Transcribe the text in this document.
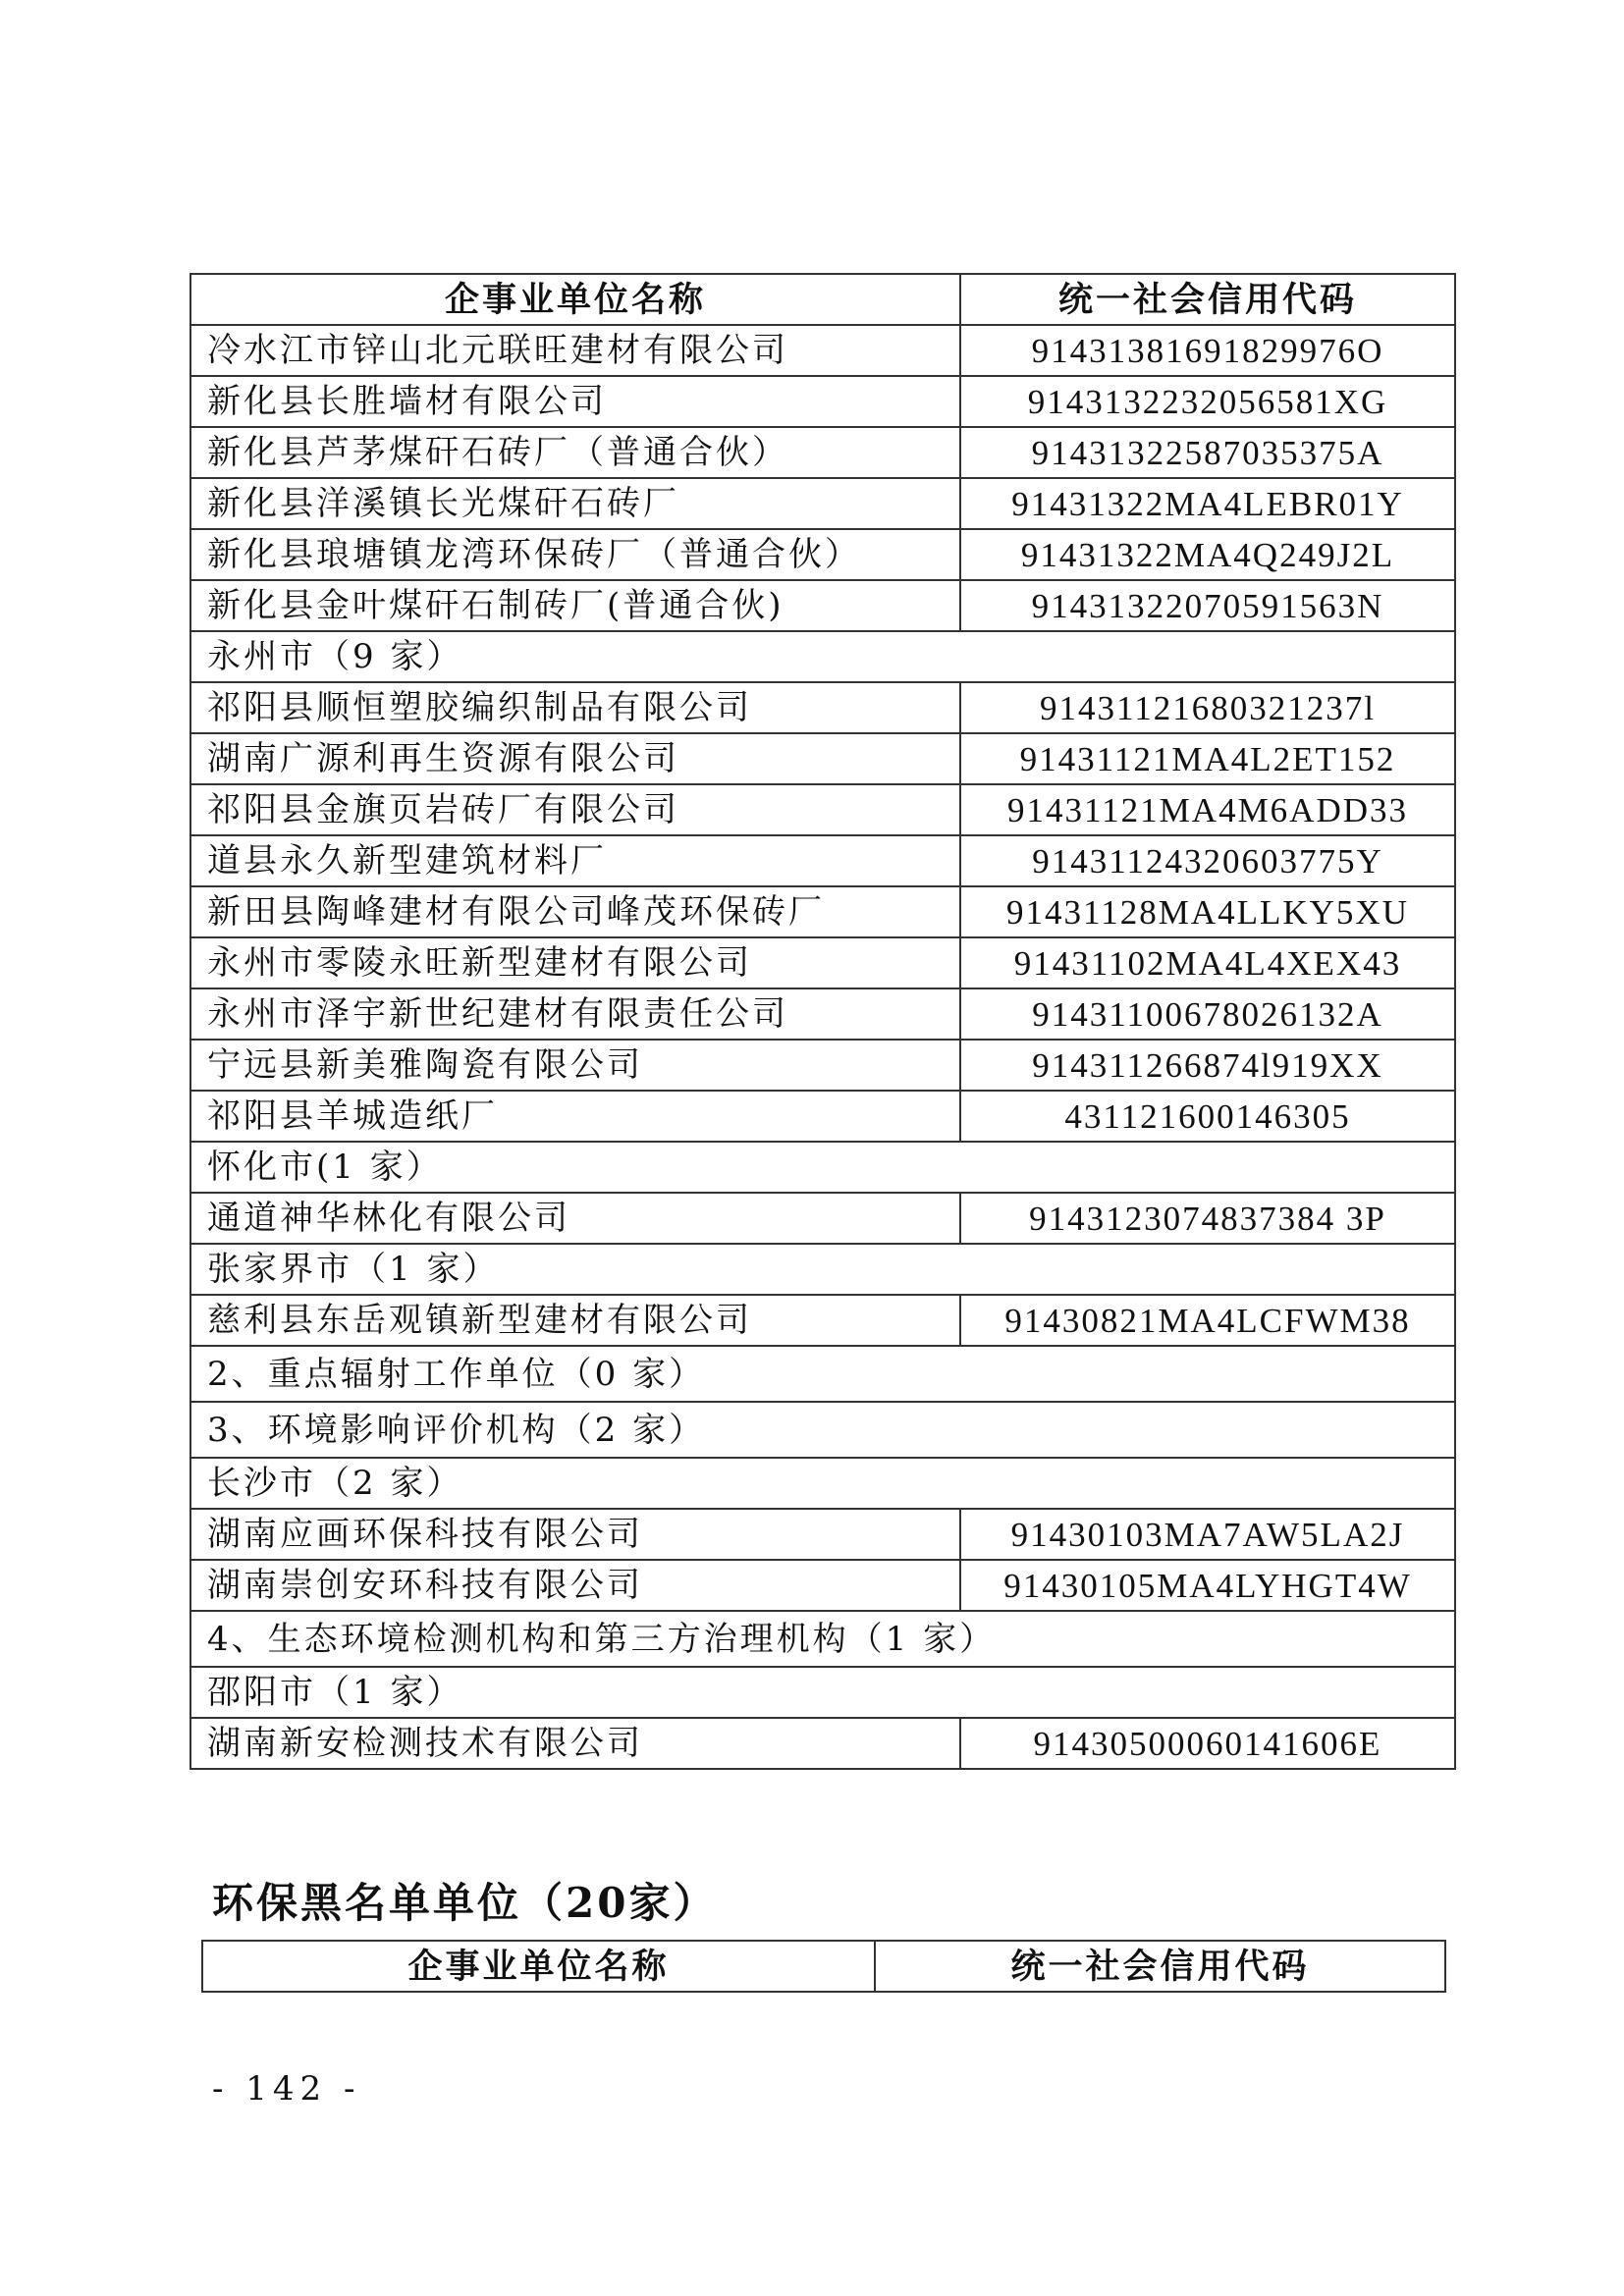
企事业单位名称	统一社会信用代码
冷水江市锌山北元联旺建材有限公司	91431381691829976O
新化县长胜墙材有限公司	9143132232056581XG
新化县芦茅煤矸石砖厂（普通合伙）	91431322587035375A
新化县洋溪镇长光煤矸石砖厂	91431322MA4LEBR01Y
新化县琅塘镇龙湾环保砖厂（普通合伙）	91431322MA4Q249J2L
新化县金叶煤矸石制砖厂(普通合伙)	91431322070591563N
永州市（9 家）	
祁阳县顺恒塑胶编织制品有限公司	91431121680321237l
湖南广源利再生资源有限公司	91431121MA4L2ET152
祁阳县金旗页岩砖厂有限公司	91431121MA4M6ADD33
道县永久新型建筑材料厂	91431124320603775Y
新田县陶峰建材有限公司峰茂环保砖厂	91431128MA4LLKY5XU
永州市零陵永旺新型建材有限公司	91431102MA4L4XEX43
永州市泽宇新世纪建材有限责任公司	91431100678026132A
宁远县新美雅陶瓷有限公司	914311266874l919XX
祁阳县羊城造纸厂	431121600146305
怀化市(1 家）	
通道神华林化有限公司	9143123074837384 3P
张家界市（1 家）	
慈利县东岳观镇新型建材有限公司	91430821MA4LCFWM38
2、重点辐射工作单位（0 家）	
3、环境影响评价机构（2 家）	
长沙市（2 家）	
湖南应画环保科技有限公司	91430103MA7AW5LA2J
湖南崇创安环科技有限公司	91430105MA4LYHGT4W
4、生态环境检测机构和第三方治理机构（1 家）	
邵阳市（1 家）	
湖南新安检测技术有限公司	91430500060141606E
环保黑名单单位（20家）
企事业单位名称	统一社会信用代码
- 142 -
